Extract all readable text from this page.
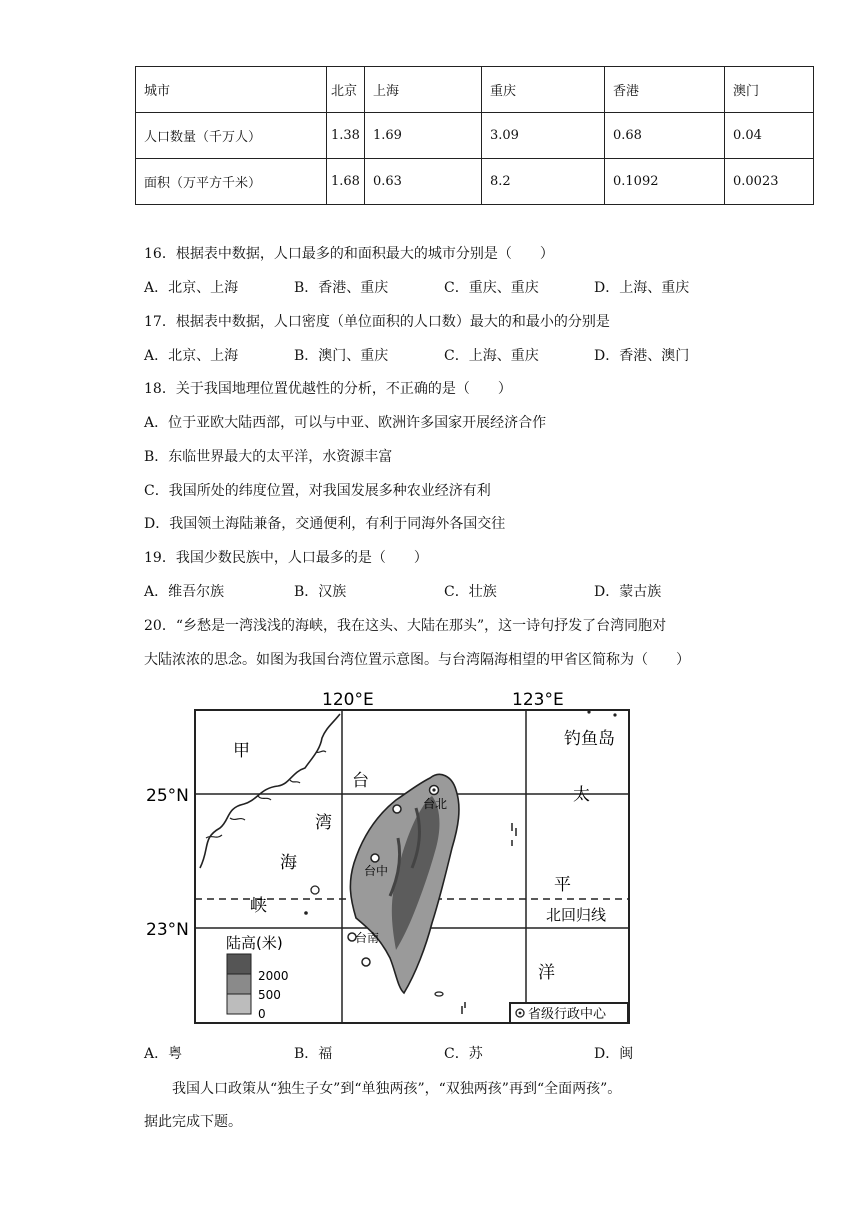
城市	北京	上海	重庆	香港	澳门
人口数量（千万人）	1.38	1.69	3.09	0.68	0.04
面积（万平方千米）	1.68	0.63	8.2	0.1092	0.0023
16．根据表中数据，人口最多的和面积最大的城市分别是（　　）
A．北京、上海	B．香港、重庆	C．重庆、重庆	D．上海、重庆
17．根据表中数据，人口密度（单位面积的人口数）最大的和最小的分别是
A．北京、上海	B．澳门、重庆	C．上海、重庆	D．香港、澳门
18．关于我国地理位置优越性的分析，不正确的是（　　）
A．位于亚欧大陆西部，可以与中亚、欧洲许多国家开展经济合作
B．东临世界最大的太平洋，水资源丰富
C．我国所处的纬度位置，对我国发展多种农业经济有利
D．我国领土海陆兼备，交通便利，有利于同海外各国交往
19．我国少数民族中，人口最多的是（　　）
A．维吾尔族	B．汉族	C．壮族	D．蒙古族
20．“乡愁是一湾浅浅的海峡，我在这头、大陆在那头”，这一诗句抒发了台湾同胞对
大陆浓浓的思念。如图为我国台湾位置示意图。与台湾隔海相望的甲省区简称为（　　）
120°E	123°E
25°N
23°N
甲
钓鱼岛
台
湾
海
峡
太
平
洋
北回归线
台北
台中
台南
陆高(米)
2000
500
0	省级行政中心
A．粤	B．福	C．苏	D．闽
我国人口政策从“独生子女”到“单独两孩”，“双独两孩”再到“全面两孩”。
据此完成下题。
